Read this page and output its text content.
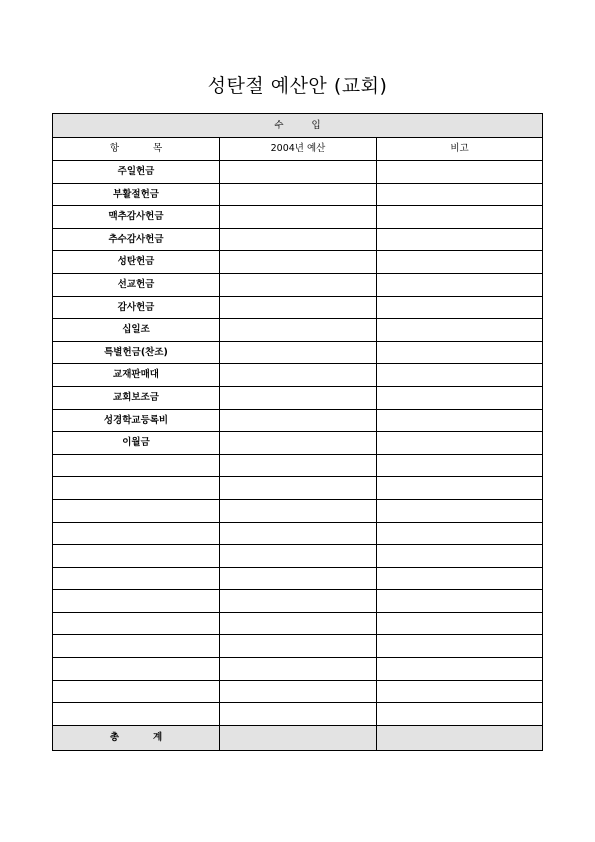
성탄절 예산안 (교회)
수입		
항목	2004년 예산	비고
주일헌금		
부활절헌금		
맥추감사헌금		
추수감사헌금		
성탄헌금		
선교헌금		
감사헌금		
십일조		
특별헌금(찬조)		
교재판매대		
교회보조금		
성경학교등록비		
이월금		

총계		
